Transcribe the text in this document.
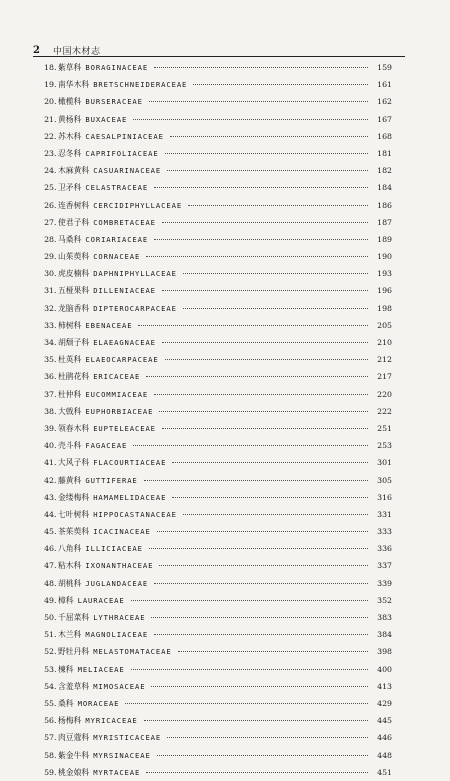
2	中国木材志
18 . 紫草科 BORAGINACEAE	159
19 . 南华木科 BRETSCHNEIDERACEAE	161
20 . 橄榄科 BURSERACEAE	162
21 . 黄杨科 BUXACEAE	167
22 . 苏木科 CAESALPINIACEAE	168
23 . 忍冬科 CAPRIFOLIACEAE	181
24 . 木麻黄科 CASUARINACEAE	182
25 . 卫矛科 CELASTRACEAE	184
26 . 连香树科 CERCIDIPHYLLACEAE	186
27 . 使君子科 COMBRETACEAE	187
28 . 马桑科 CORIARIACEAE	189
29 . 山茱萸科 CORNACEAE	190
30 . 虎皮楠科 DAPHNIPHYLLACEAE	193
31 . 五桠果科 DILLENIACEAE	196
32 . 龙脑香科 DIPTEROCARPACEAE	198
33 . 柿树科 EBENACEAE	205
34 . 胡颓子科 ELAEAGNACEAE	210
35 . 杜英科 ELAEOCARPACEAE	212
36 . 杜鹃花科 ERICACEAE	217
37 . 杜仲科 EUCOMMIACEAE	220
38 . 大戟科 EUPHORBIACEAE	222
39 . 领春木科 EUPTELEACEAE	251
40 . 壳斗科 FAGACEAE	253
41 . 大风子科 FLACOURTIACEAE	301
42 . 藤黄科 GUTTIFERAE	305
43 . 金缕梅科 HAMAMELIDACEAE	316
44 . 七叶树科 HIPPOCASTANACEAE	331
45 . 茶茱萸科 ICACINACEAE	333
46 . 八角科 ILLICIACEAE	336
47 . 粘木科 IXONANTHACEAE	337
48 . 胡桃科 JUGLANDACEAE	339
49 . 樟科 LAURACEAE	352
50 . 千屈菜科 LYTHRACEAE	383
51 . 木兰科 MAGNOLIACEAE	384
52 . 野牡丹科 MELASTOMATACEAE	398
53 . 楝科 MELIACEAE	400
54 . 含羞草科 MIMOSACEAE	413
55 . 桑科 MORACEAE	429
56 . 杨梅科 MYRICACEAE	445
57 . 肉豆蔻科 MYRISTICACEAE	446
58 . 紫金牛科 MYRSINACEAE	448
59 . 桃金娘科 MYRTACEAE	451
